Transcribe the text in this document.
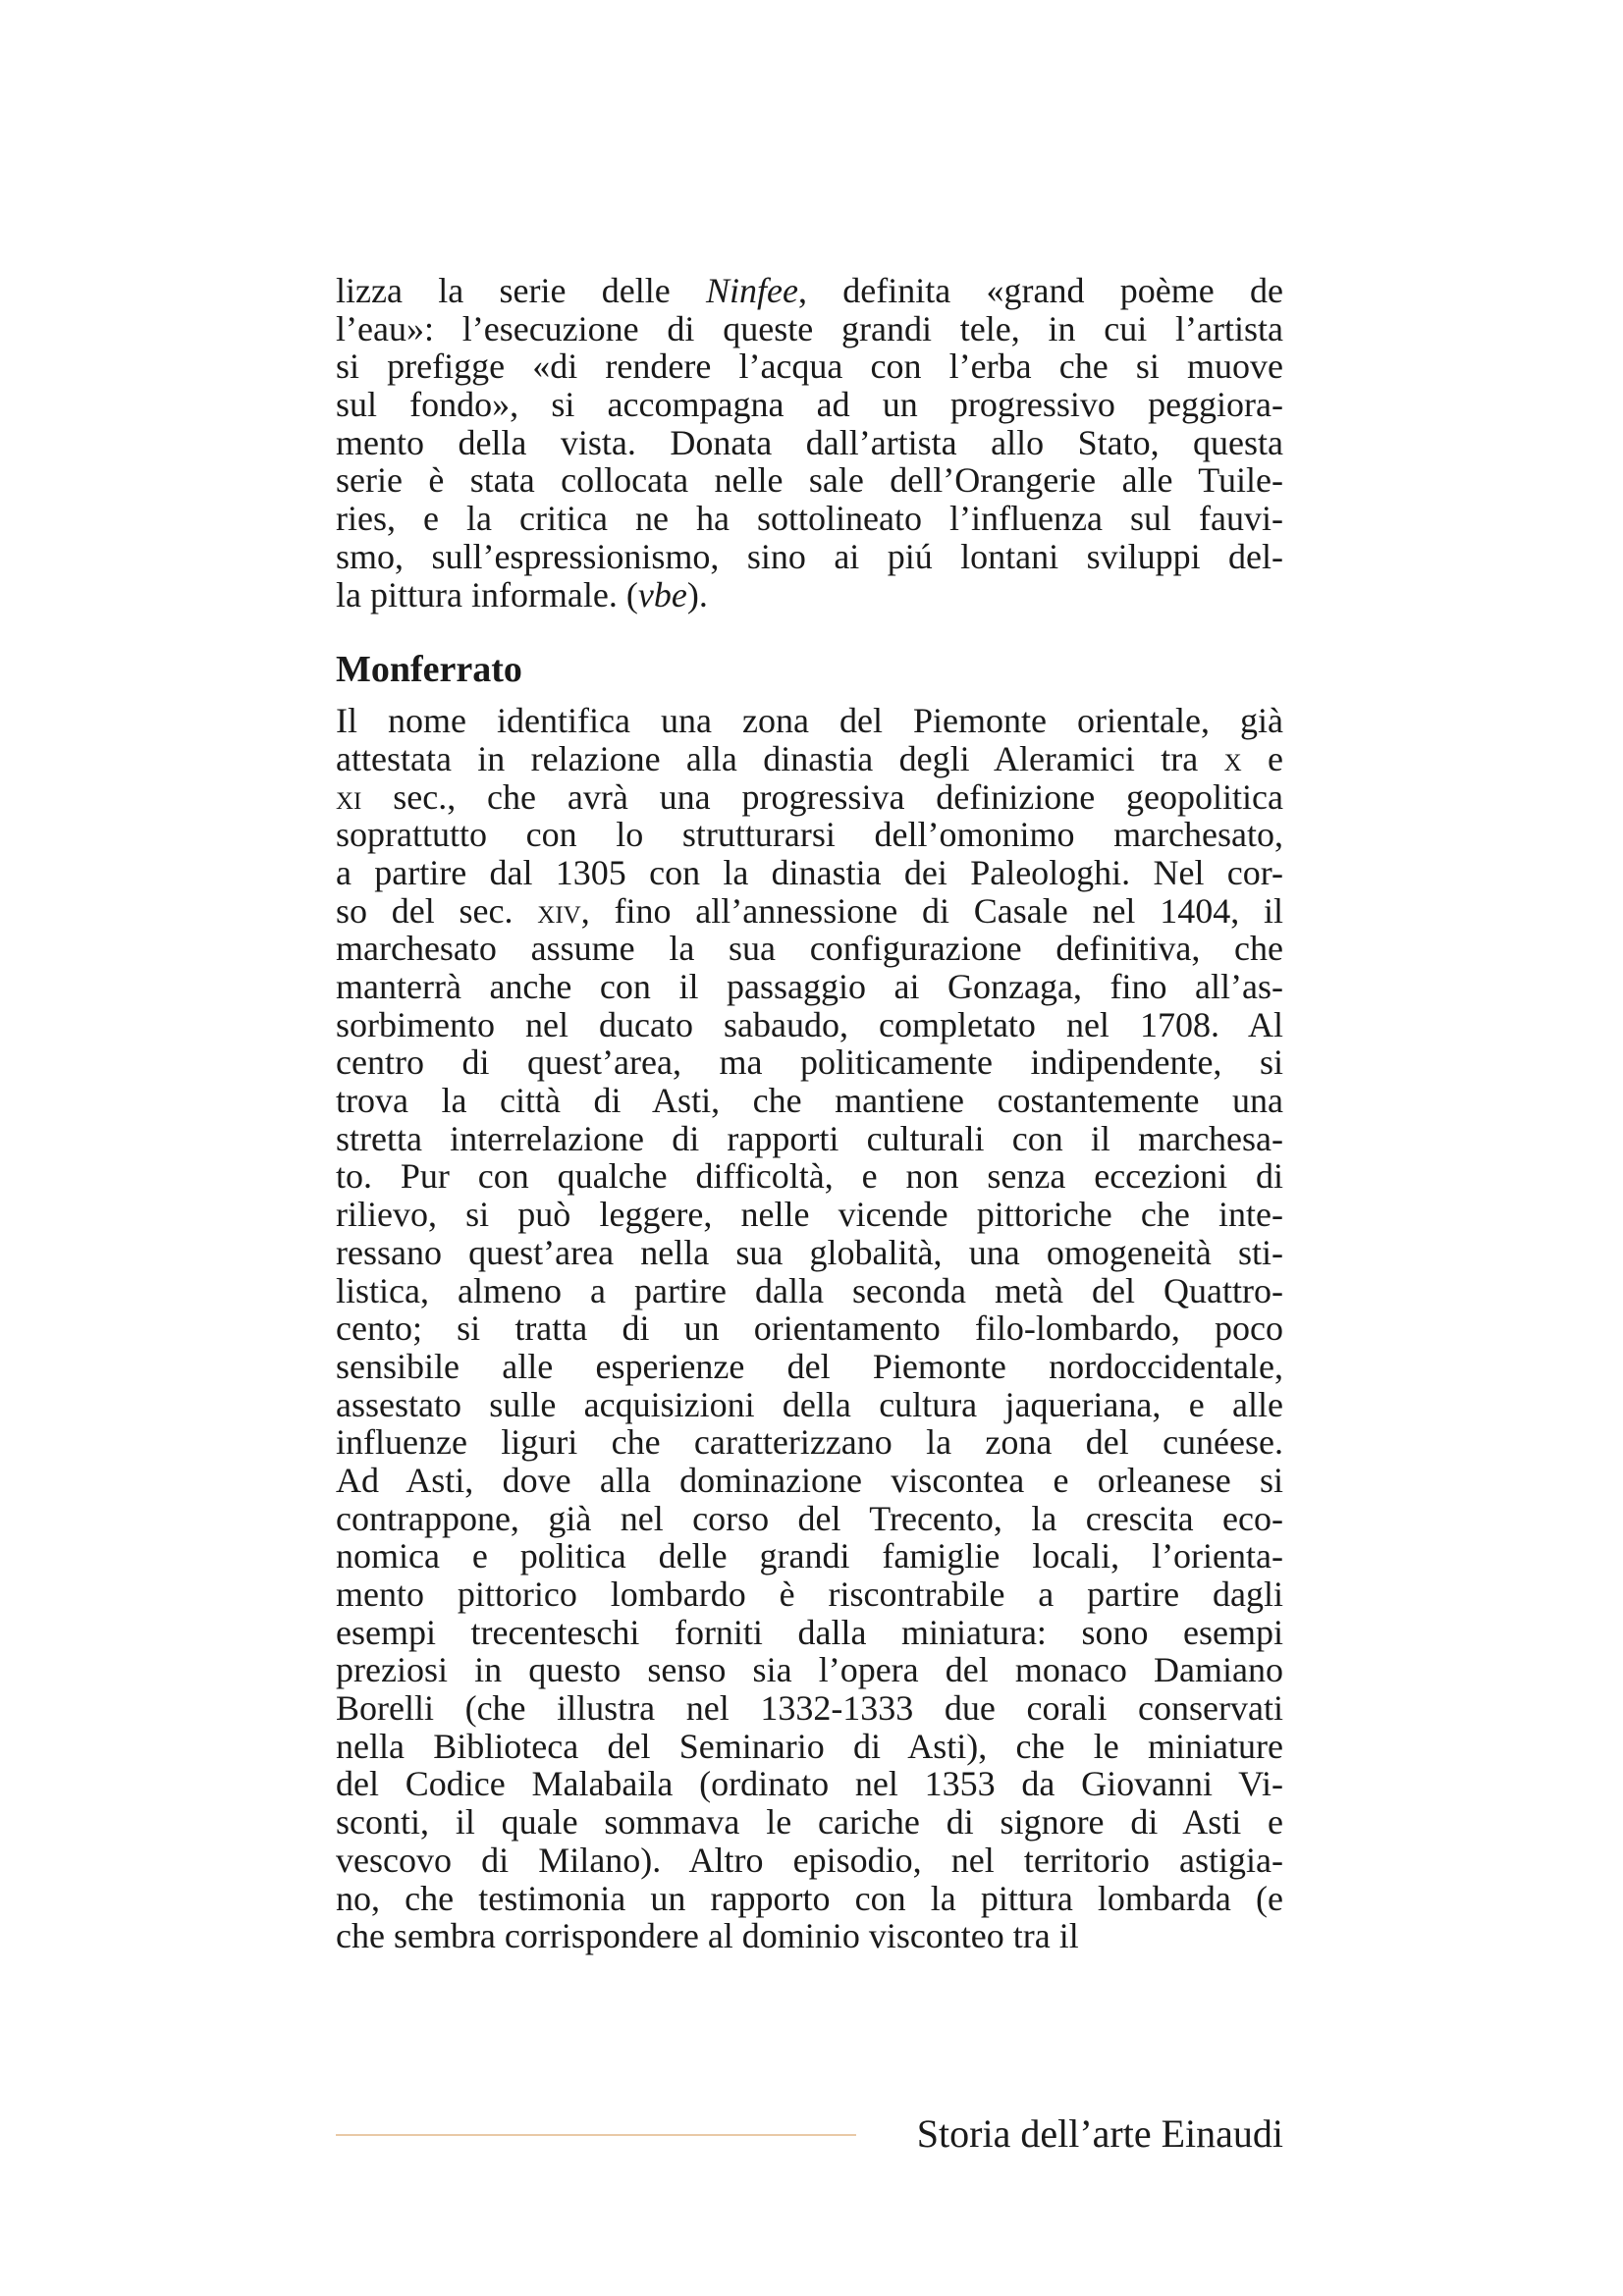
lizza la serie delle Ninfee, definita «grand poème de
l’eau»: l’esecuzione di queste grandi tele, in cui l’artista
si prefigge «di rendere l’acqua con l’erba che si muove
sul fondo», si accompagna ad un progressivo peggiora-
mento della vista. Donata dall’artista allo Stato, questa
serie è stata collocata nelle sale dell’Orangerie alle Tuile-
ries, e la critica ne ha sottolineato l’influenza sul fauvi-
smo, sull’espressionismo, sino ai piú lontani sviluppi del-
la pittura informale. (vbe).
Monferrato
Il nome identifica una zona del Piemonte orientale, già
attestata in relazione alla dinastia degli Aleramici tra x e
xi sec., che avrà una progressiva definizione geopolitica
soprattutto con lo strutturarsi dell’omonimo marchesato,
a partire dal 1305 con la dinastia dei Paleologhi. Nel cor-
so del sec. xiv, fino all’annessione di Casale nel 1404, il
marchesato assume la sua configurazione definitiva, che
manterrà anche con il passaggio ai Gonzaga, fino all’as-
sorbimento nel ducato sabaudo, completato nel 1708. Al
centro di quest’area, ma politicamente indipendente, si
trova la città di Asti, che mantiene costantemente una
stretta interrelazione di rapporti culturali con il marchesa-
to. Pur con qualche difficoltà, e non senza eccezioni di
rilievo, si può leggere, nelle vicende pittoriche che inte-
ressano quest’area nella sua globalità, una omogeneità sti-
listica, almeno a partire dalla seconda metà del Quattro-
cento; si tratta di un orientamento filo-lombardo, poco
sensibile alle esperienze del Piemonte nordoccidentale,
assestato sulle acquisizioni della cultura jaqueriana, e alle
influenze liguri che caratterizzano la zona del cunéese.
Ad Asti, dove alla dominazione viscontea e orleanese si
contrappone, già nel corso del Trecento, la crescita eco-
nomica e politica delle grandi famiglie locali, l’orienta-
mento pittorico lombardo è riscontrabile a partire dagli
esempi trecenteschi forniti dalla miniatura: sono esempi
preziosi in questo senso sia l’opera del monaco Damiano
Borelli (che illustra nel 1332-1333 due corali conservati
nella Biblioteca del Seminario di Asti), che le miniature
del Codice Malabaila (ordinato nel 1353 da Giovanni Vi-
sconti, il quale sommava le cariche di signore di Asti e
vescovo di Milano). Altro episodio, nel territorio astigia-
no, che testimonia un rapporto con la pittura lombarda (e
che sembra corrispondere al dominio visconteo tra il
Storia dell’arte Einaudi
